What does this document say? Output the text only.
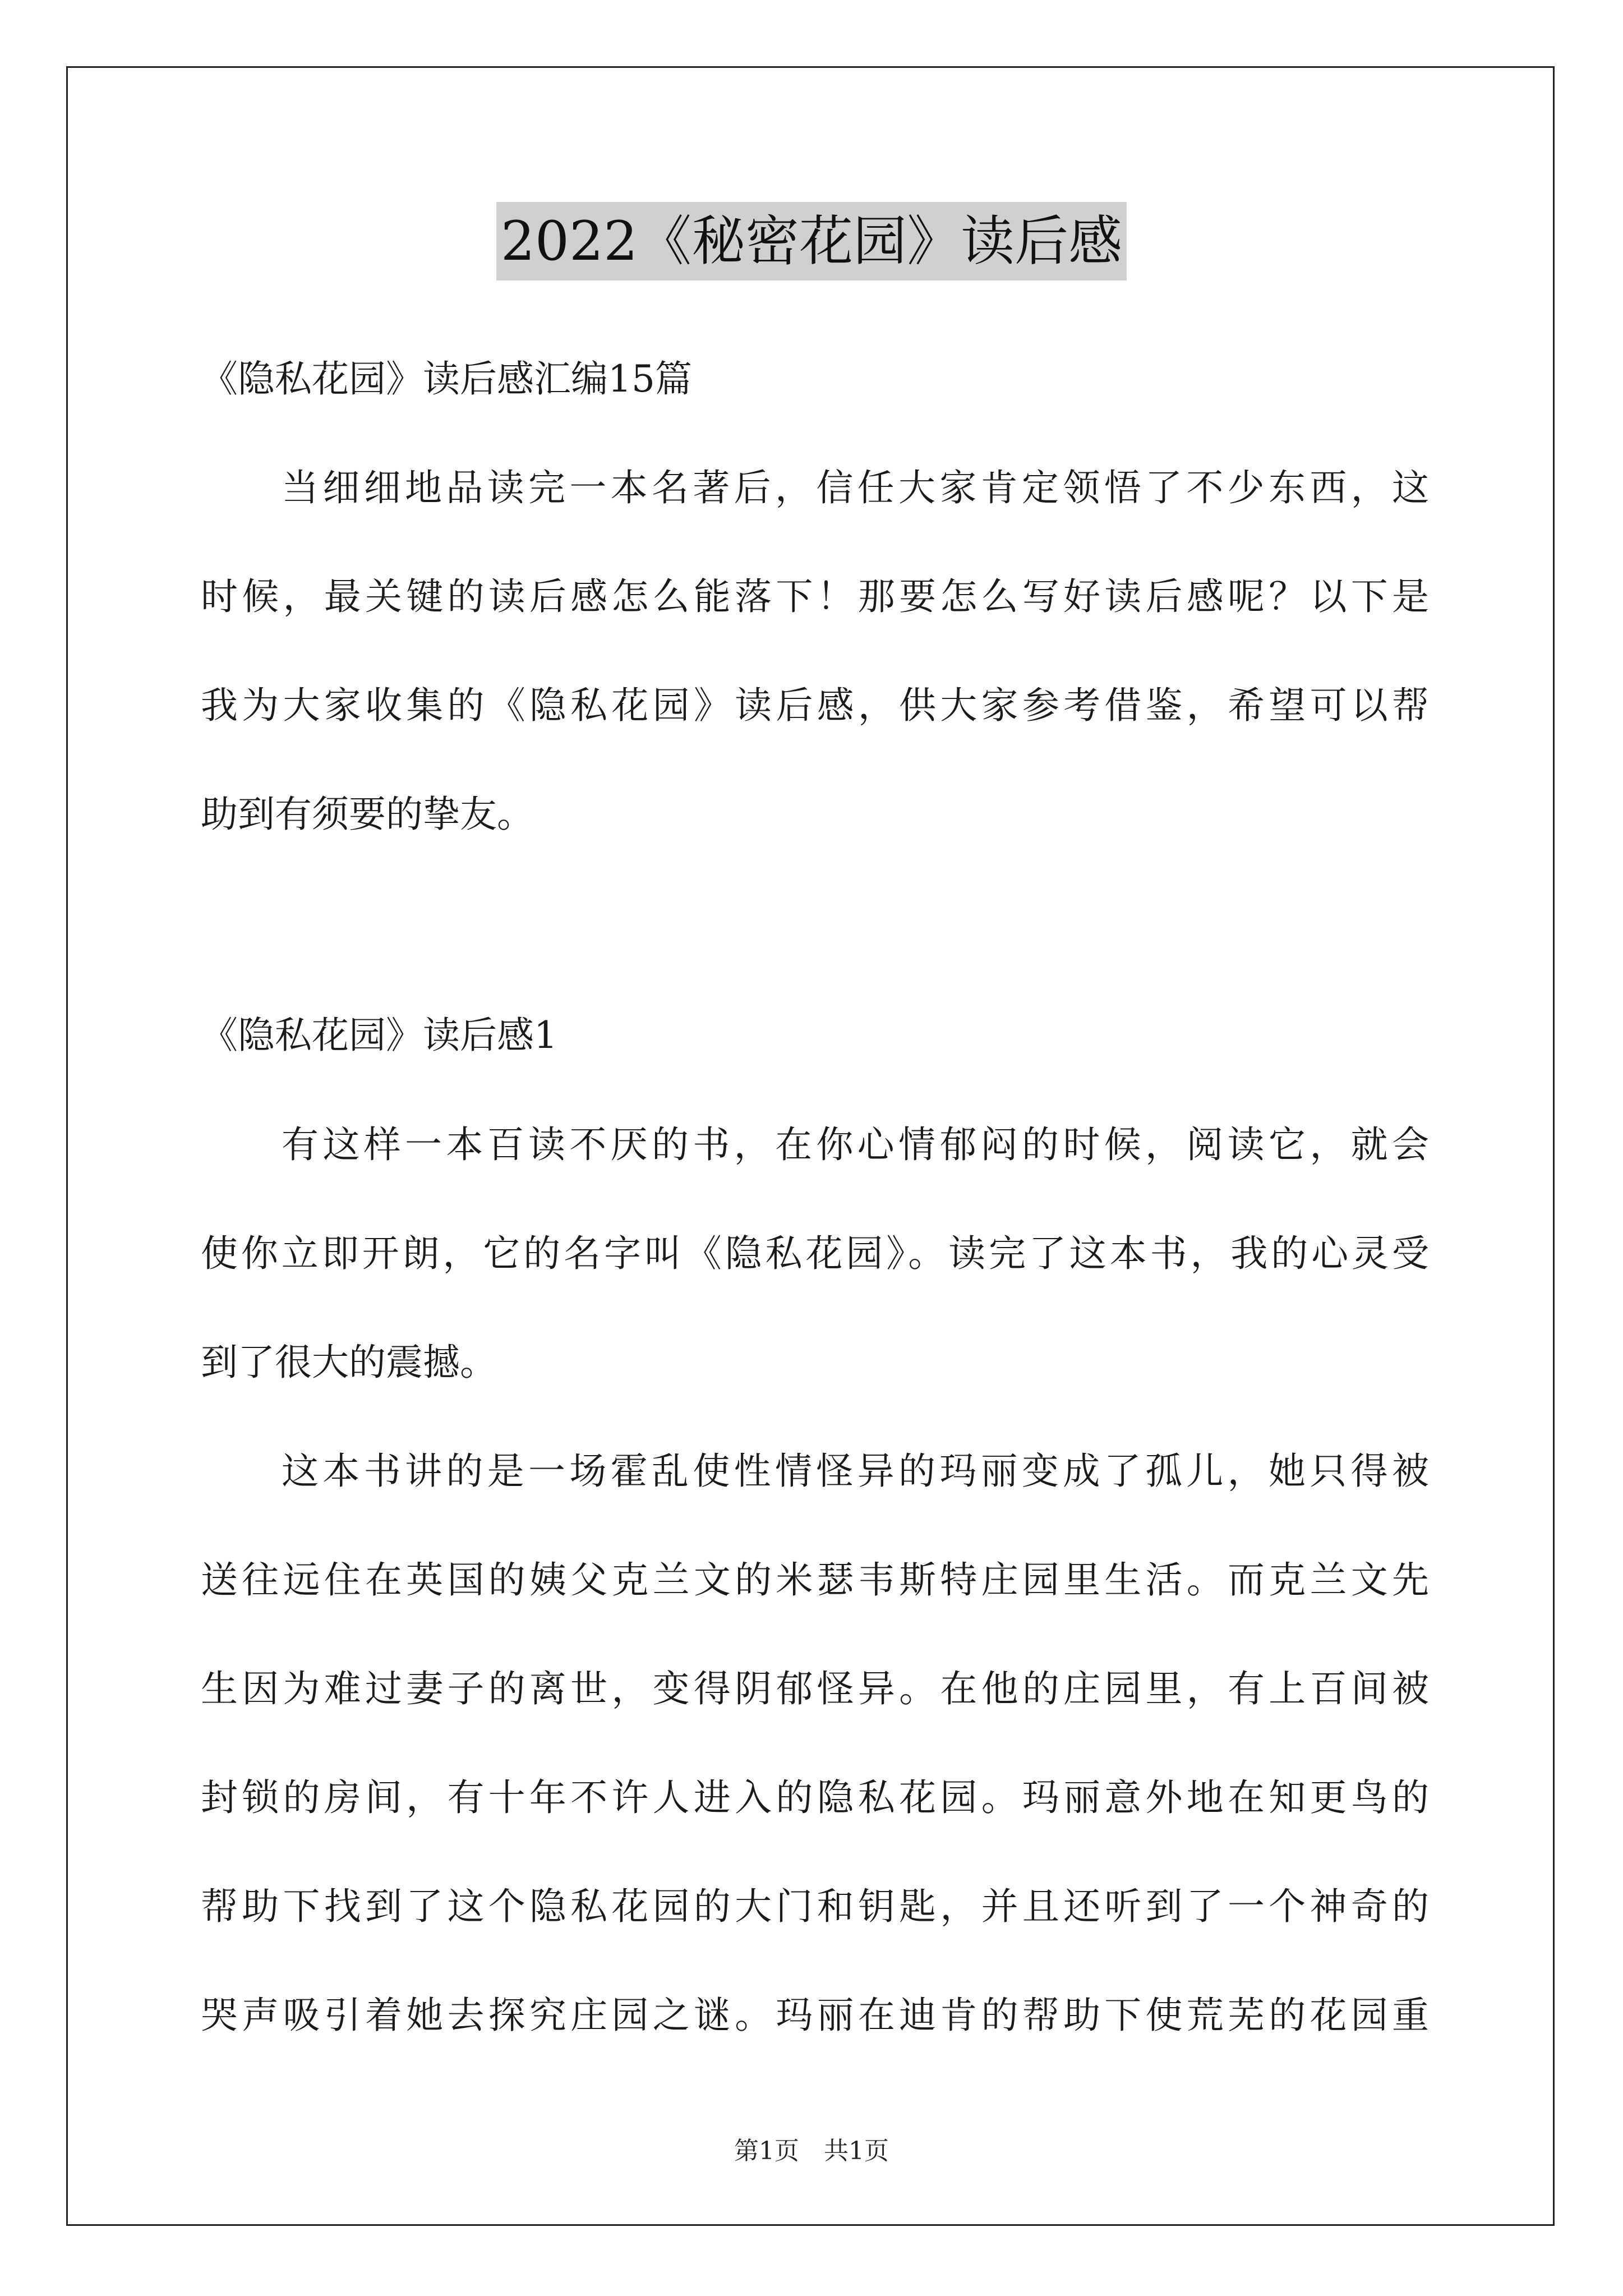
2022《秘密花园》读后感
《隐私花园》读后感汇编15篇
当细细地品读完一本名著后，信任大家肯定领悟了不少东西，这
时候，最关键的读后感怎么能落下！那要怎么写好读后感呢？以下是
我为大家收集的《隐私花园》读后感，供大家参考借鉴，希望可以帮
助到有须要的挚友。
《隐私花园》读后感1
有这样一本百读不厌的书，在你心情郁闷的时候，阅读它，就会
使你立即开朗，它的名字叫《隐私花园》。读完了这本书，我的心灵受
到了很大的震撼。
这本书讲的是一场霍乱使性情怪异的玛丽变成了孤儿，她只得被
送往远住在英国的姨父克兰文的米瑟韦斯特庄园里生活。而克兰文先
生因为难过妻子的离世，变得阴郁怪异。在他的庄园里，有上百间被
封锁的房间，有十年不许人进入的隐私花园。玛丽意外地在知更鸟的
帮助下找到了这个隐私花园的大门和钥匙，并且还听到了一个神奇的
哭声吸引着她去探究庄园之谜。玛丽在迪肯的帮助下使荒芜的花园重
第1页　共1页
